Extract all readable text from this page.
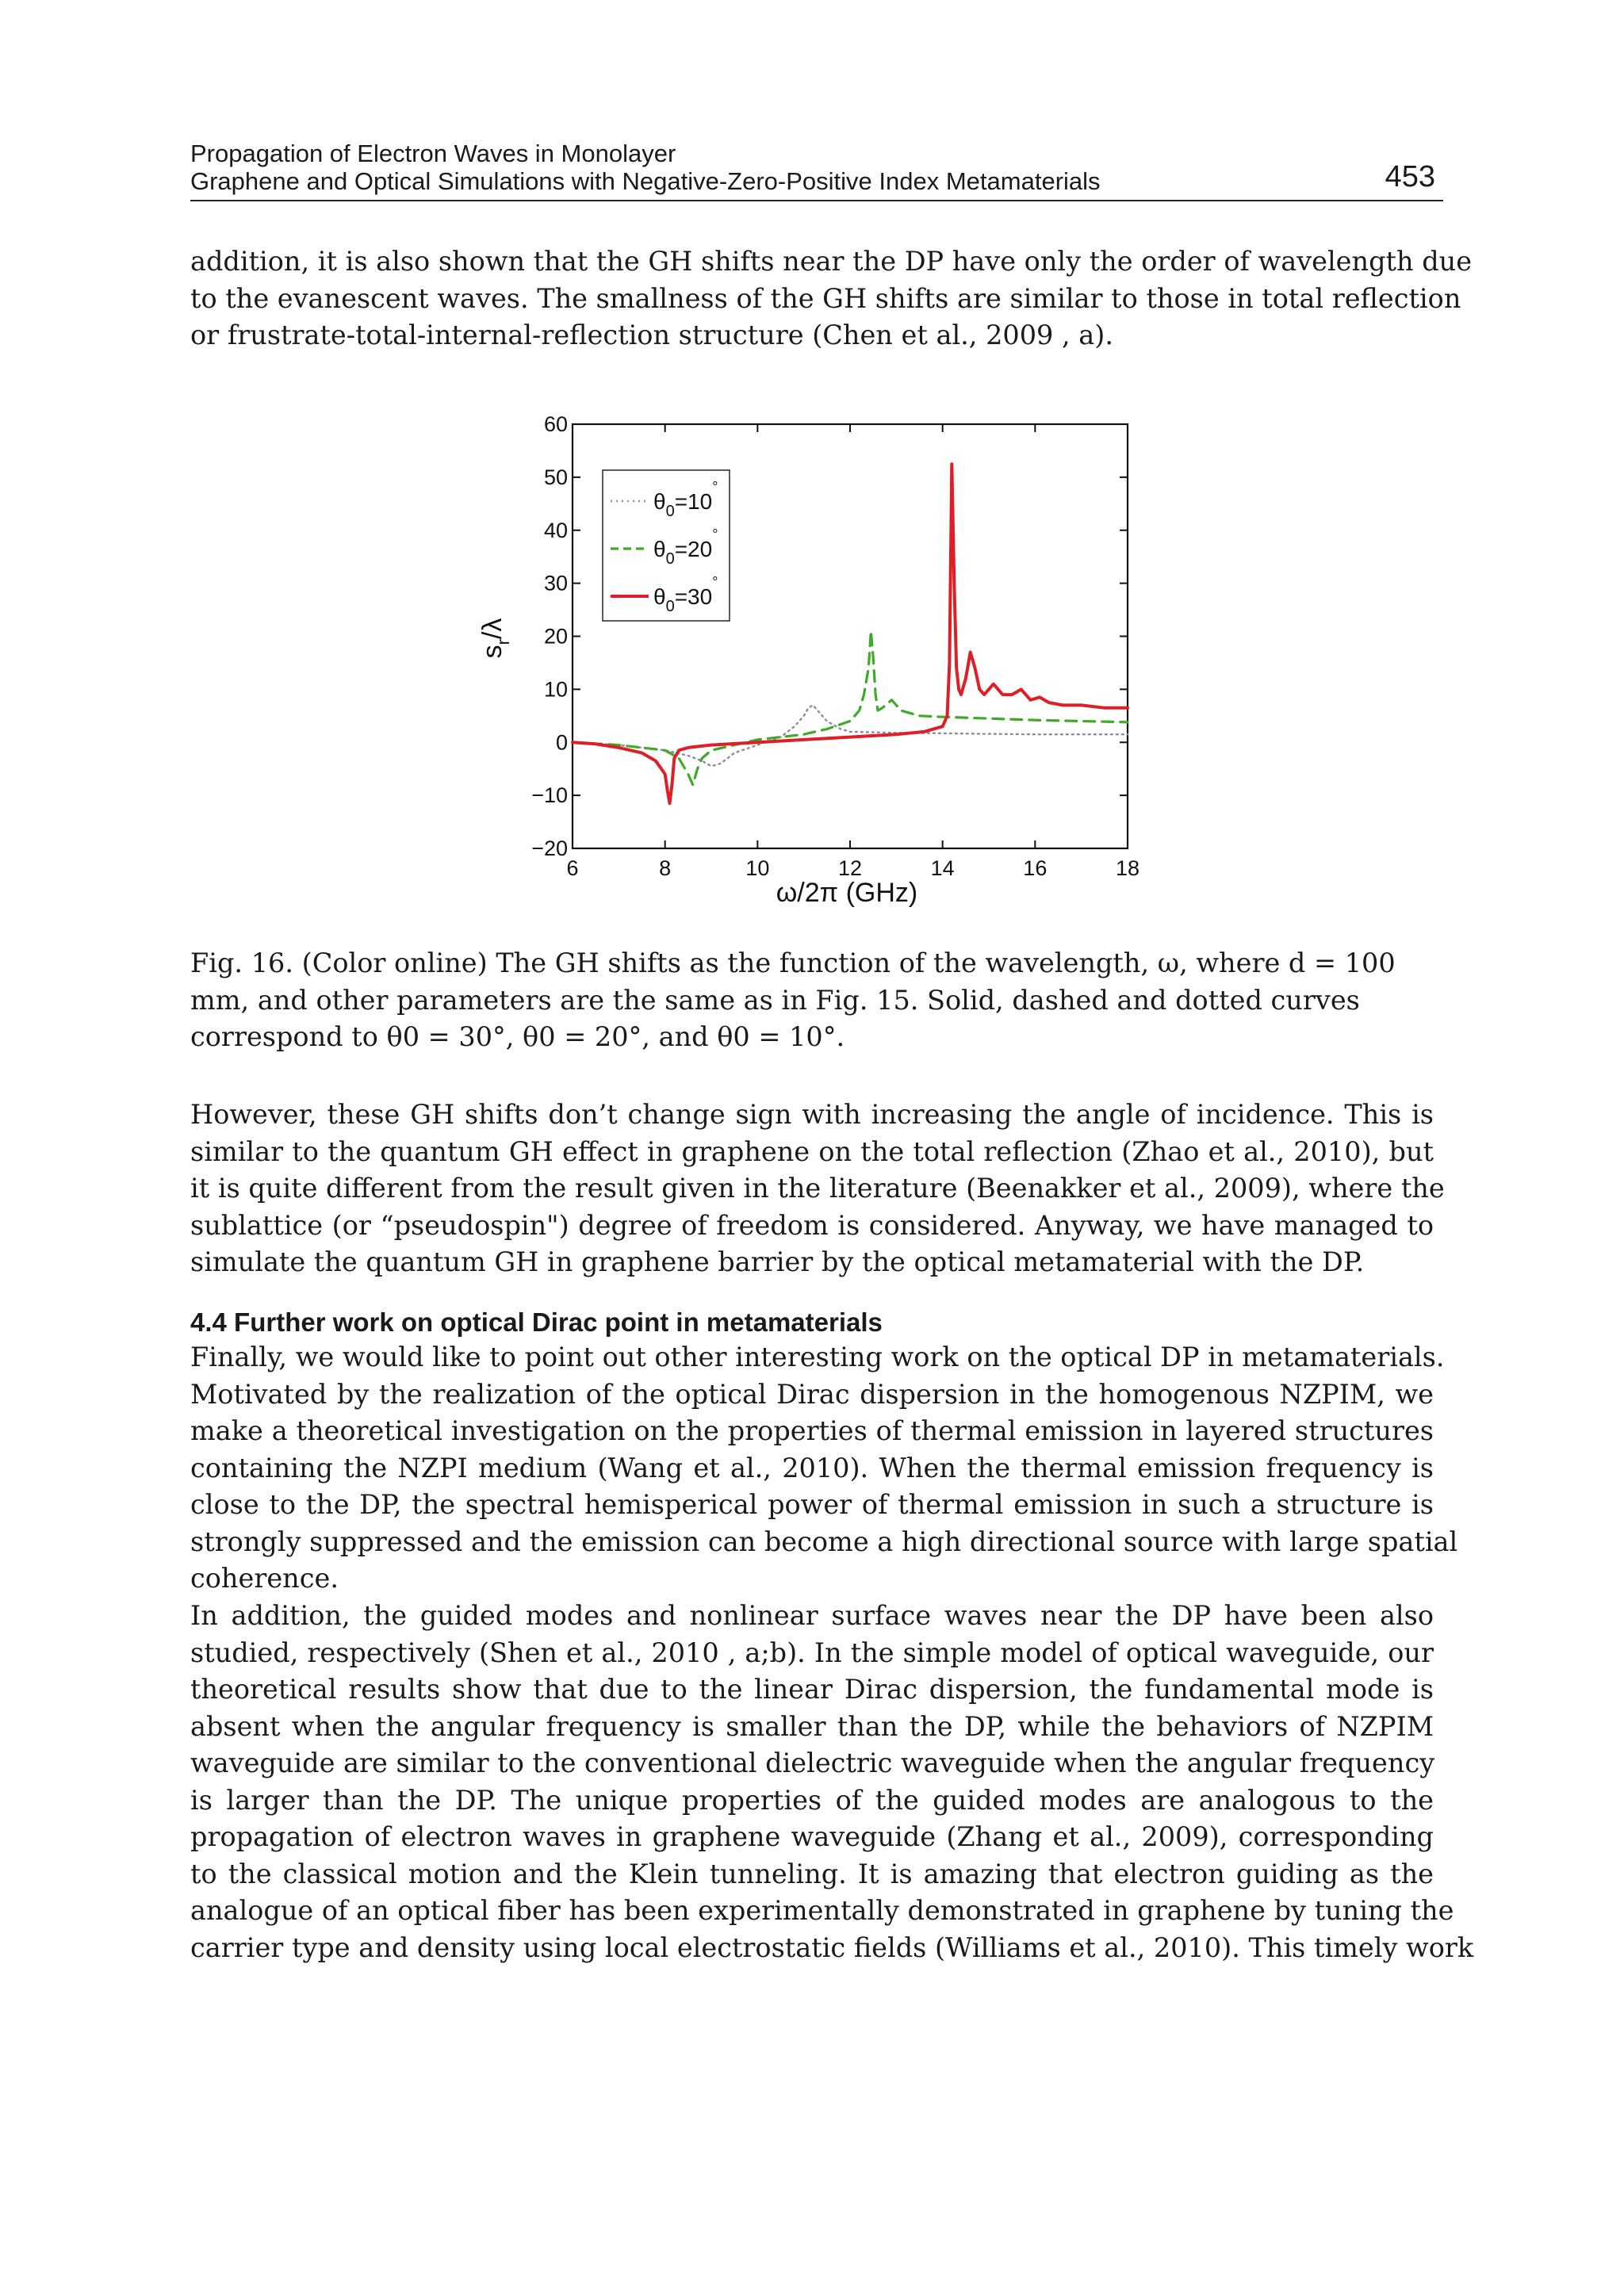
Propagation of Electron Waves in Monolayer
Graphene and Optical Simulations with Negative-Zero-Positive Index Metamaterials	453
addition, it is also shown that the GH shifts near the DP have only the order of wavelength due
to the evanescent waves. The smallness of the GH shifts are similar to those in total reflection
or frustrate-total-internal-reflection structure (Chen et al., 2009 , a).
6	8	10	12	14	16	18
−20
−10
0
10
20
30
40
50
60
$\theta_0=10^\circ$
$\theta_0=20^\circ$
$\theta_0=30^\circ$
ω/2π (GHz)
$s_r/\lambda$
Fig. 16. (Color online) The GH shifts as the function of the wavelength, ω, where d = 100
mm, and other parameters are the same as in Fig. 15. Solid, dashed and dotted curves
correspond to θ0 = 30°, θ0 = 20°, and θ0 = 10°.
However, these GH shifts don’t change sign with increasing the angle of incidence. This is
similar to the quantum GH effect in graphene on the total reflection (Zhao et al., 2010), but
it is quite different from the result given in the literature (Beenakker et al., 2009), where the
sublattice (or “pseudospin") degree of freedom is considered. Anyway, we have managed to
simulate the quantum GH in graphene barrier by the optical metamaterial with the DP.
4.4 Further work on optical Dirac point in metamaterials
Finally, we would like to point out other interesting work on the optical DP in metamaterials.
Motivated by the realization of the optical Dirac dispersion in the homogenous NZPIM, we
make a theoretical investigation on the properties of thermal emission in layered structures
containing the NZPI medium (Wang et al., 2010). When the thermal emission frequency is
close to the DP, the spectral hemisperical power of thermal emission in such a structure is
strongly suppressed and the emission can become a high directional source with large spatial
coherence.
In addition, the guided modes and nonlinear surface waves near the DP have been also
studied, respectively (Shen et al., 2010 , a;b). In the simple model of optical waveguide, our
theoretical results show that due to the linear Dirac dispersion, the fundamental mode is
absent when the angular frequency is smaller than the DP, while the behaviors of NZPIM
waveguide are similar to the conventional dielectric waveguide when the angular frequency
is larger than the DP. The unique properties of the guided modes are analogous to the
propagation of electron waves in graphene waveguide (Zhang et al., 2009), corresponding
to the classical motion and the Klein tunneling. It is amazing that electron guiding as the
analogue of an optical fiber has been experimentally demonstrated in graphene by tuning the
carrier type and density using local electrostatic fields (Williams et al., 2010). This timely work
